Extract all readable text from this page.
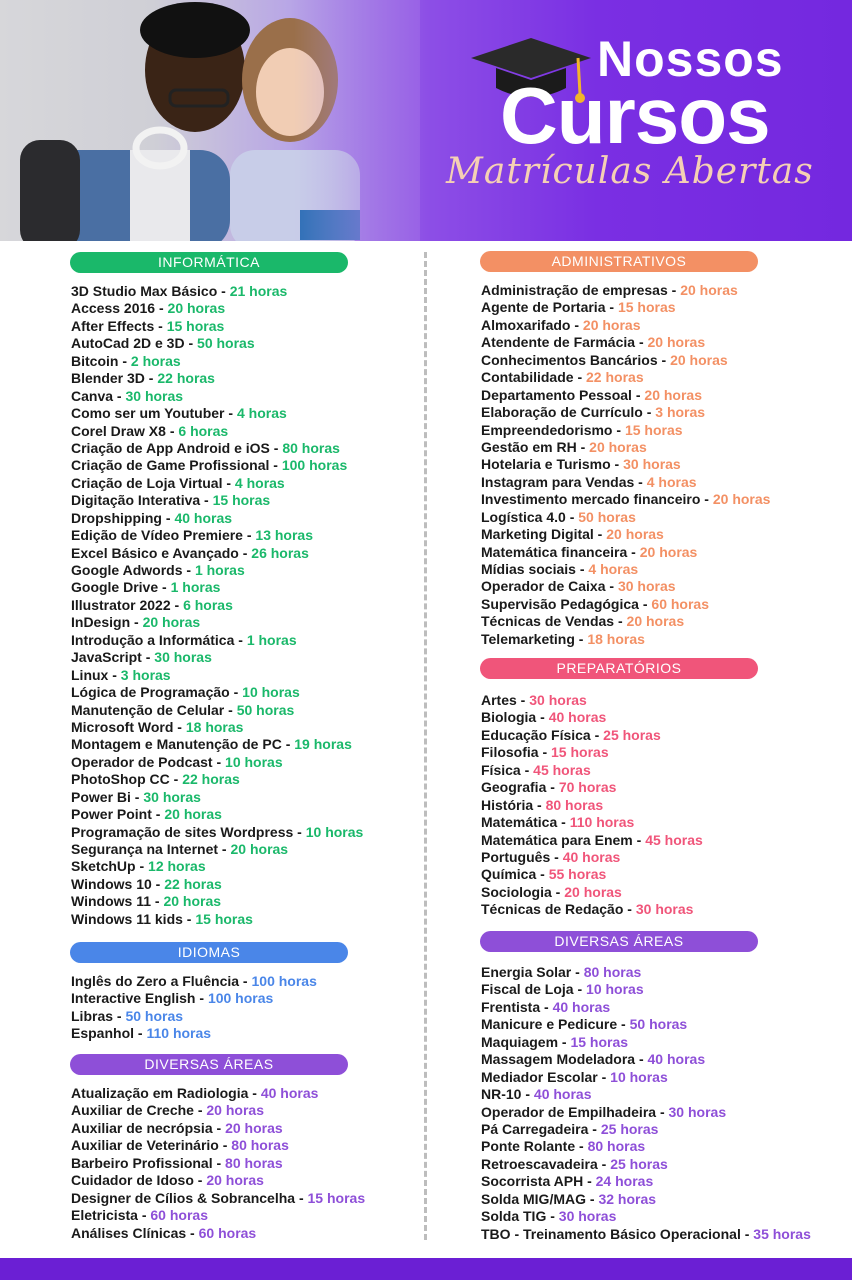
Nossos
Cursos
Matrículas Abertas
INFORMÁTICA
3D Studio Max Básico - 21 horas
Access 2016 - 20 horas
After Effects - 15 horas
AutoCad 2D e 3D - 50 horas
Bitcoin - 2 horas
Blender 3D - 22 horas
Canva - 30 horas
Como ser um Youtuber - 4 horas
Corel Draw X8 - 6 horas
Criação de App Android e iOS - 80 horas
Criação de Game Profissional - 100 horas
Criação de Loja Virtual - 4 horas
Digitação Interativa - 15 horas
Dropshipping - 40 horas
Edição de Vídeo Premiere - 13 horas
Excel Básico e Avançado - 26 horas
Google Adwords - 1 horas
Google Drive - 1 horas
Illustrator 2022 - 6 horas
InDesign - 20 horas
Introdução a Informática - 1 horas
JavaScript - 30 horas
Linux - 3 horas
Lógica de Programação - 10 horas
Manutenção de Celular - 50 horas
Microsoft Word - 18 horas
Montagem e Manutenção de PC - 19 horas
Operador de Podcast - 10 horas
PhotoShop CC - 22 horas
Power Bi - 30 horas
Power Point - 20 horas
Programação de sites Wordpress - 10 horas
Segurança na Internet - 20 horas
SketchUp - 12 horas
Windows 10 - 22 horas
Windows 11 - 20 horas
Windows 11 kids - 15 horas
IDIOMAS
Inglês do Zero a Fluência - 100 horas
Interactive English - 100 horas
Libras - 50 horas
Espanhol - 110 horas
DIVERSAS ÁREAS
Atualização em Radiologia - 40 horas
Auxiliar de Creche - 20 horas
Auxiliar de necrópsia - 20 horas
Auxiliar de Veterinário - 80 horas
Barbeiro Profissional - 80 horas
Cuidador de Idoso - 20 horas
Designer de Cílios & Sobrancelha - 15 horas
Eletricista - 60 horas
Análises Clínicas - 60 horas
ADMINISTRATIVOS
Administração de empresas - 20 horas
Agente de Portaria - 15 horas
Almoxarifado - 20 horas
Atendente de Farmácia - 20 horas
Conhecimentos Bancários - 20 horas
Contabilidade - 22 horas
Departamento Pessoal - 20 horas
Elaboração de Currículo - 3 horas
Empreendedorismo - 15 horas
Gestão em RH - 20 horas
Hotelaria e Turismo - 30 horas
Instagram para Vendas - 4 horas
Investimento mercado financeiro - 20 horas
Logística 4.0 - 50 horas
Marketing Digital - 20 horas
Matemática financeira - 20 horas
Mídias sociais - 4 horas
Operador de Caixa - 30 horas
Supervisão Pedagógica - 60 horas
Técnicas de Vendas - 20 horas
Telemarketing - 18 horas
PREPARATÓRIOS
Artes - 30 horas
Biologia - 40 horas
Educação Física - 25 horas
Filosofia - 15 horas
Física - 45 horas
Geografia - 70 horas
História - 80 horas
Matemática - 110 horas
Matemática para Enem - 45 horas
Português - 40 horas
Química - 55 horas
Sociologia - 20 horas
Técnicas de Redação - 30 horas
DIVERSAS ÁREAS
Energia Solar - 80 horas
Fiscal de Loja - 10 horas
Frentista - 40 horas
Manicure e Pedicure - 50 horas
Maquiagem - 15 horas
Massagem Modeladora - 40 horas
Mediador Escolar - 10 horas
NR-10 - 40 horas
Operador de Empilhadeira - 30 horas
Pá Carregadeira - 25 horas
Ponte Rolante - 80 horas
Retroescavadeira - 25 horas
Socorrista APH - 24 horas
Solda MIG/MAG - 32 horas
Solda TIG - 30 horas
TBO - Treinamento Básico Operacional - 35 horas
